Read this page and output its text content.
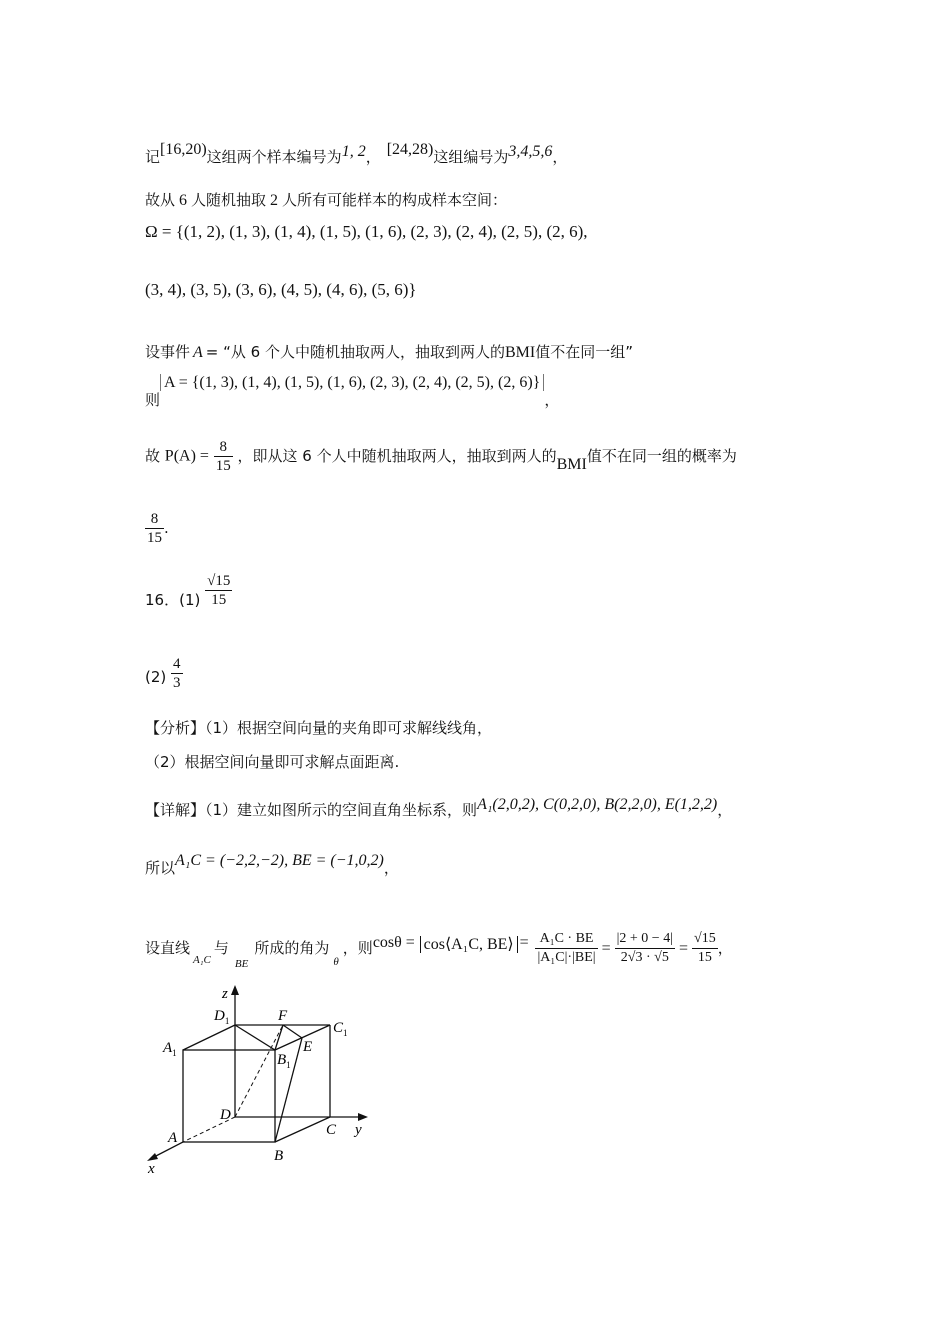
记[16,20)这组两个样本编号为1, 2， [24,28)这组编号为3,4,5,6，
故从 6 人随机抽取 2 人所有可能样本的构成样本空间：
Ω = {(1, 2), (1, 3), (1, 4), (1, 5), (1, 6), (2, 3), (2, 4), (2, 5), (2, 6),
(3, 4), (3, 5), (3, 6), (4, 5), (4, 6), (5, 6)}
设事件 A = “从 6 个人中随机抽取两人，抽取到两人的BMI值不在同一组”
则A = {(1, 3), (1, 4), (1, 5), (1, 6), (2, 3), (2, 4), (2, 5), (2, 6)}，
故 $P(A) = \frac{8}{15}$ ，即从这 6 个人中随机抽取两人，抽取到两人的BMI值不在同一组的概率为
$\frac{8}{15}$ .
16．$(1) \frac{√15}{15}$
$(2) \frac{4}{3}$
【分析】（1）根据空间向量的夹角即可求解线线角，
（2）根据空间向量即可求解点面距离.
【详解】（1）建立如图所示的空间直角坐标系，则A₁(2,0,2), C(0,2,0), B(2,2,0), E(1,2,2)，
所以A₁C = (−2,2,−2), BE = (−1,0,2)，
设直线$_{A_1C}$与$_{BE}$所成的角为$_\theta$，则cosθ = cos⟨A₁C, BE⟩ = $\frac{\text{A₁C · BE}}{\text{|A₁C|·|BE|}} = \frac{|2 + 0 - 4|}{2√3 \cdot √5} = \frac{√15}{15}$ ，
z
y
x
$D_1$	$C_1$
$A_1$	$B_1$
F
E
D
A
B
C
